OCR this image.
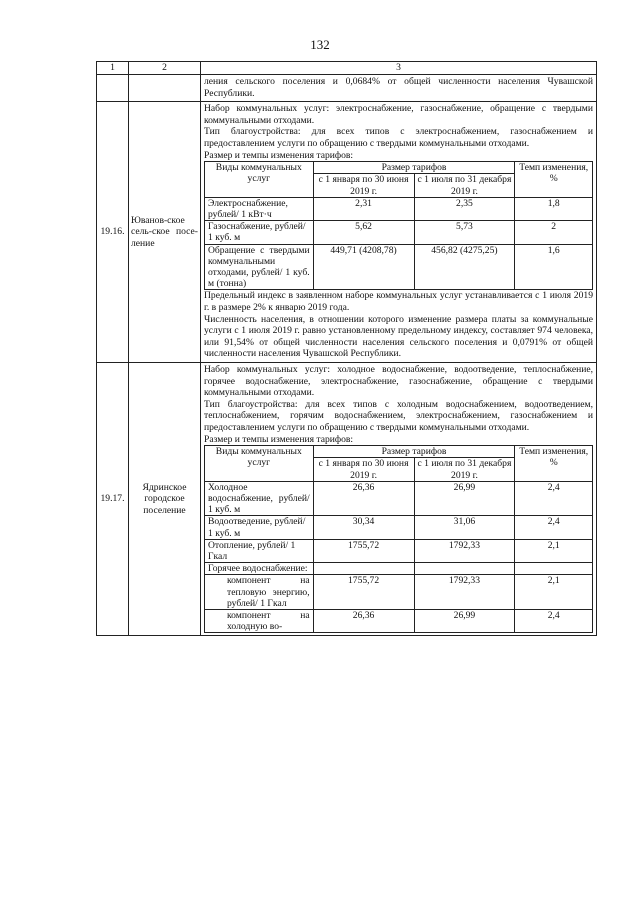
132
1	2	3

ления сельского поселения и 0,0684% от общей численности населения Чувашской Республики.

19.16.	Юванов-ское сель-ское посе-ление	

Набор коммунальных услуг: электроснабжение, газоснабжение, обращение с твердыми коммунальными отходами.

Тип благоустройства: для всех типов с электроснабжением, газоснабжением и предоставлением услуги по обращению с твердыми коммунальными отходами.

Размер и темпы изменения тарифов:

Виды коммунальных услуг	Размер тарифов	Темп изменения, %
с 1 января по 30 июня 2019 г.	с 1 июля по 31 декабря 2019 г.
Электроснабжение, рублей/ 1 кВт·ч	2,31	2,35	1,8
Газоснабжение, рублей/ 1 куб. м	5,62	5,73	2
Обращение с твердыми коммунальными отходами, рублей/ 1 куб. м (тонна)	449,71 (4208,78)	456,82 (4275,25)	1,6

Предельный индекс в заявленном наборе коммунальных услуг устанавливается с 1 июля 2019 г. в размере 2% к январю 2019 года.

Численность населения, в отношении которого изменение размера платы за коммунальные услуги с 1 июля 2019 г. равно установленному предельному индексу, составляет 974 человека, или 91,54% от общей численности населения сельского поселения и 0,0791% от общей численности населения Чувашской Республики.

19.17.	Ядринское городское поселение	

Набор коммунальных услуг: холодное водоснабжение, водоотведение, теплоснабжение, горячее водоснабжение, электроснабжение, газоснабжение, обращение с твердыми коммунальными отходами.

Тип благоустройства: для всех типов с холодным водоснабжением, водоотведением, теплоснабжением, горячим водоснабжением, электроснабжением, газоснабжением и предоставлением услуги по обращению с твердыми коммунальными отходами.

Размер и темпы изменения тарифов:

Виды коммунальных услуг	Размер тарифов	Темп изменения, %
с 1 января по 30 июня 2019 г.	с 1 июля по 31 декабря 2019 г.
Холодное водоснабжение, рублей/ 1 куб. м	26,36	26,99	2,4
Водоотведение, рублей/ 1 куб. м	30,34	31,06	2,4
Отопление, рублей/ 1 Гкал	1755,72	1792,33	2,1
Горячее водоснабжение:			
компонент на тепловую энергию, рублей/ 1 Гкал	1755,72	1792,33	2,1
компонент на холодную во-	26,36	26,99	2,4
